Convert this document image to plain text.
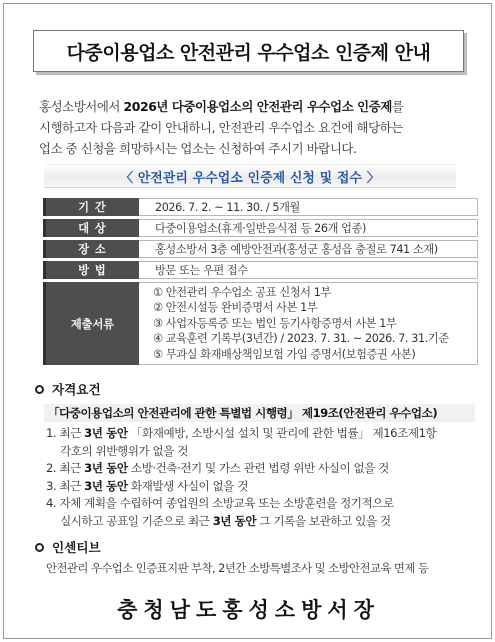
다중이용업소 안전관리 우수업소 인증제 안내
홍성소방서에서 2026년 다중이용업소의 안전관리 우수업소 인증제를
시행하고자 다음과 같이 안내하니, 안전관리 우수업소 요건에 해당하는
업소 중 신청을 희망하시는 업소는 신청하여 주시기 바랍니다.
〈 안전관리 우수업소 인증제 신청 및 접수 〉
기 간	2026. 7. 2. ~ 11. 30. / 5개월
대 상	다중이용업소(휴게·일반음식점 등 26개 업종)
장 소	홍성소방서 3층 예방안전과(홍성군 홍성읍 충절로 741 소재)
방 법	방문 또는 우편 접수
제출서류	① 안전관리 우수업소 공표 신청서 1부
② 안전시설등 완비증명서 사본 1부
③ 사업자등록증 또는 법인 등기사항증명서 사본 1부
④ 교육훈련 기록부(3년간) / 2023. 7. 31. ~ 2026. 7. 31.기준
⑤ 무과실 화재배상책임보험 가입 증명서(보험증권 사본)
자격요건
「다중이용업소의 안전관리에 관한 특별법 시행령」 제19조(안전관리 우수업소)
1. 최근 3년 동안 「화재예방, 소방시설 설치 및 관리에 관한 법률」 제16조제1항
각호의 위반행위가 없을 것
2. 최근 3년 동안 소방·건축·전기 및 가스 관련 법령 위반 사실이 없을 것
3. 최근 3년 동안 화재발생 사실이 없을 것
4. 자체 계획을 수립하여 종업원의 소방교육 또는 소방훈련을 정기적으로
실시하고 공표일 기준으로 최근 3년 동안 그 기록을 보관하고 있을 것
인센티브
안전관리 우수업소 인증표지판 부착, 2년간 소방특별조사 및 소방안전교육 면제 등
충청남도홍성소방서장
